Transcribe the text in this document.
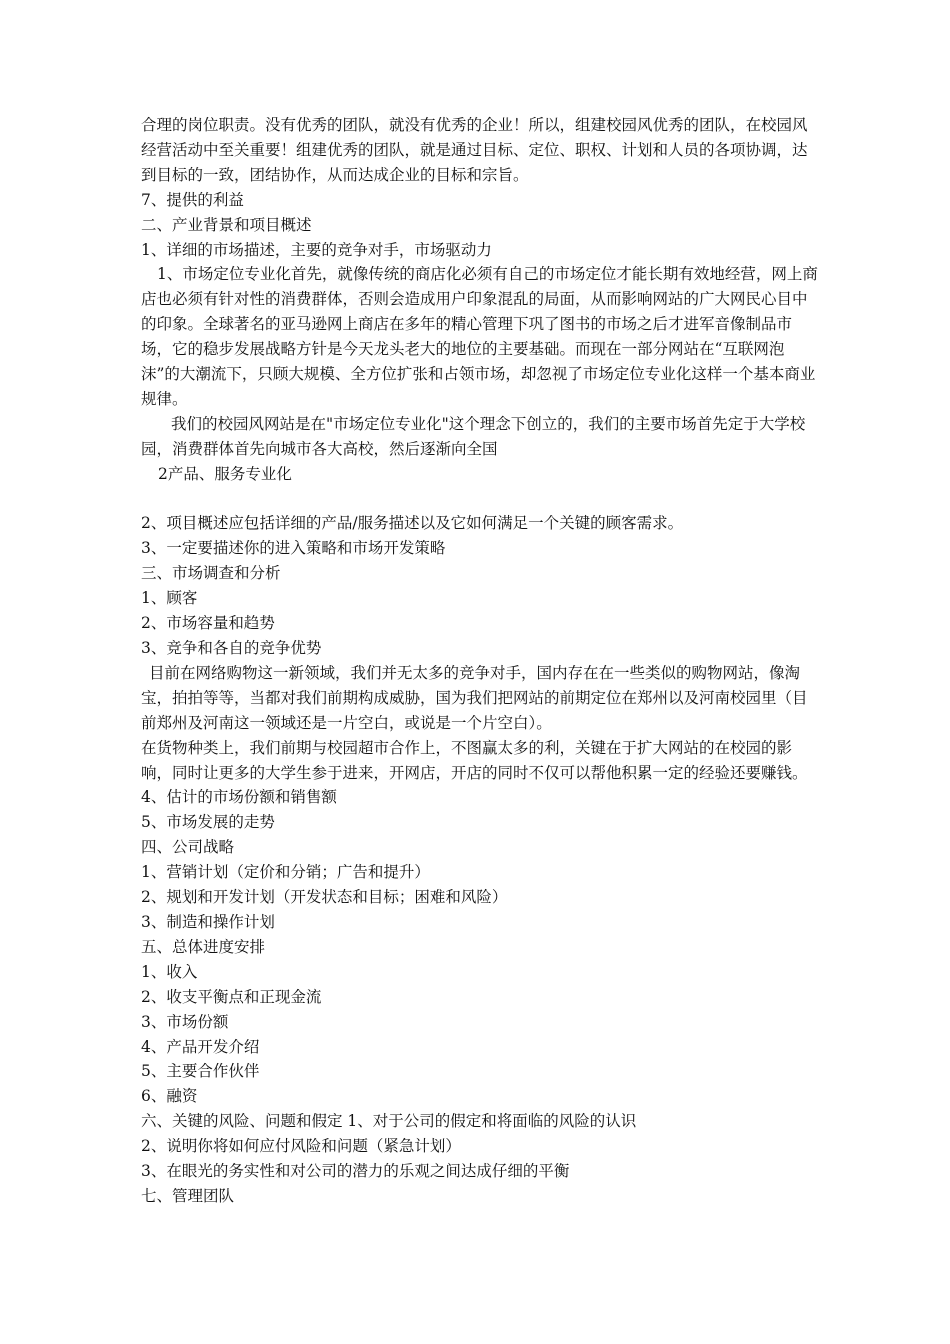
合理的岗位职责。没有优秀的团队，就没有优秀的企业！所以，组建校园风优秀的团队，在校园风经营活动中至关重要！组建优秀的团队，就是通过目标、定位、职权、计划和人员的各项协调，达到目标的一致，团结协作，从而达成企业的目标和宗旨。

7、提供的利益

二、产业背景和项目概述

1、详细的市场描述，主要的竞争对手，市场驱动力

1、市场定位专业化首先，就像传统的商店化必须有自己的市场定位才能长期有效地经营，网上商店也必须有针对性的消费群体，否则会造成用户印象混乱的局面，从而影响网站的广大网民心目中的印象。全球著名的亚马逊网上商店在多年的精心管理下巩了图书的市场之后才进军音像制品市场，它的稳步发展战略方针是今天龙头老大的地位的主要基础。而现在一部分网站在“互联网泡沫”的大潮流下，只顾大规模、全方位扩张和占领市场，却忽视了市场定位专业化这样一个基本商业规律。

我们的校园风网站是在"市场定位专业化"这个理念下创立的，我们的主要市场首先定于大学校园，消费群体首先向城市各大高校，然后逐渐向全国

2产品、服务专业化

2、项目概述应包括详细的产品/服务描述以及它如何满足一个关键的顾客需求。

3、一定要描述你的进入策略和市场开发策略

三、市场调查和分析

1、顾客

2、市场容量和趋势

3、竞争和各自的竞争优势

目前在网络购物这一新领域，我们并无太多的竞争对手，国内存在在一些类似的购物网站，像淘宝，拍拍等等，当都对我们前期构成威胁，国为我们把网站的前期定位在郑州以及河南校园里（目前郑州及河南这一领域还是一片空白，或说是一个片空白）。

在货物种类上，我们前期与校园超市合作上，不图赢太多的利，关键在于扩大网站的在校园的影响，同时让更多的大学生参于进来，开网店，开店的同时不仅可以帮他积累一定的经验还要赚钱。

4、估计的市场份额和销售额

5、市场发展的走势

四、公司战略

1、营销计划（定价和分销；广告和提升）

2、规划和开发计划（开发状态和目标；困难和风险）

3、制造和操作计划

五、总体进度安排

1、收入

2、收支平衡点和正现金流

3、市场份额

4、产品开发介绍

5、主要合作伙伴

6、融资

六、关键的风险、问题和假定 1、对于公司的假定和将面临的风险的认识

2、说明你将如何应付风险和问题（紧急计划）

3、在眼光的务实性和对公司的潜力的乐观之间达成仔细的平衡

七、管理团队
